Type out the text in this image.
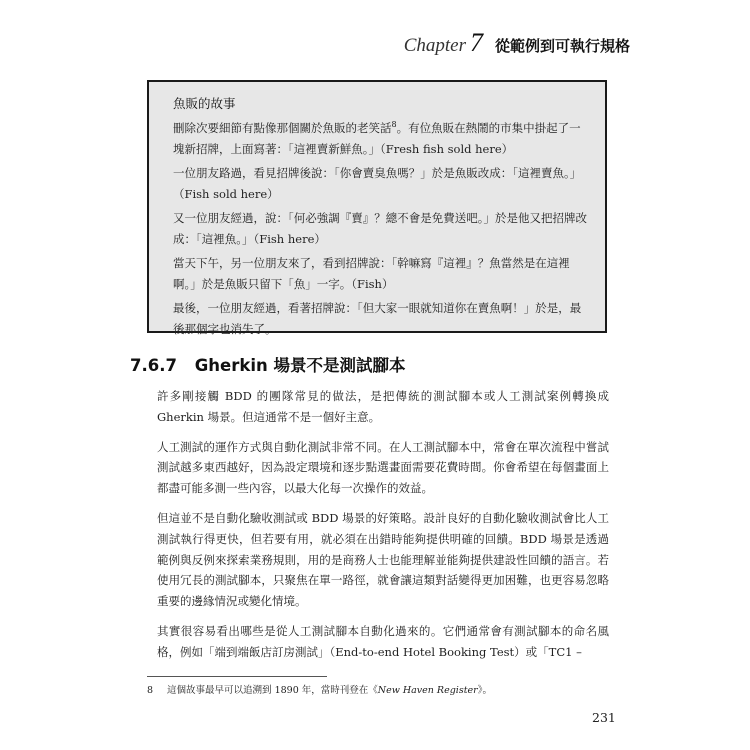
Chapter 7 從範例到可執行規格
魚販的故事

刪除次要細節有點像那個關於魚販的老笑話$^8$。有位魚販在熱鬧的市集中掛起了一塊新招牌，上面寫著：「這裡賣新鮮魚。」（Fresh fish sold here）

一位朋友路過，看見招牌後說：「你會賣臭魚嗎？」於是魚販改成：「這裡賣魚。」（Fish sold here）

又一位朋友經過，說：「何必強調『賣』？總不會是免費送吧。」於是他又把招牌改成：「這裡魚。」（Fish here）

當天下午，另一位朋友來了，看到招牌說：「幹嘛寫『這裡』？魚當然是在這裡啊。」於是魚販只留下「魚」一字。（Fish）

最後，一位朋友經過，看著招牌說：「但大家一眼就知道你在賣魚啊！」於是，最後那個字也消失了。

7.6.7 Gherkin 場景不是測試腳本

許多剛接觸 BDD 的團隊常見的做法，是把傳統的測試腳本或人工測試案例轉換成 Gherkin 場景。但這通常不是一個好主意。

人工測試的運作方式與自動化測試非常不同。在人工測試腳本中，常會在單次流程中嘗試測試越多東西越好，因為設定環境和逐步點選畫面需要花費時間。你會希望在每個畫面上都盡可能多測一些內容，以最大化每一次操作的效益。

但這並不是自動化驗收測試或 BDD 場景的好策略。設計良好的自動化驗收測試會比人工測試執行得更快，但若要有用，就必須在出錯時能夠提供明確的回饋。BDD 場景是透過範例與反例來探索業務規則，用的是商務人士也能理解並能夠提供建設性回饋的語言。若使用冗長的測試腳本，只聚焦在單一路徑，就會讓這類對話變得更加困難，也更容易忽略重要的邊緣情況或變化情境。

其實很容易看出哪些是從人工測試腳本自動化過來的。它們通常會有測試腳本的命名風格，例如「端到端飯店訂房測試」（End-to-end Hotel Booking Test）或「TC1 –

8 這個故事最早可以追溯到 1890 年，當時刊登在《New Haven Register》。
231
